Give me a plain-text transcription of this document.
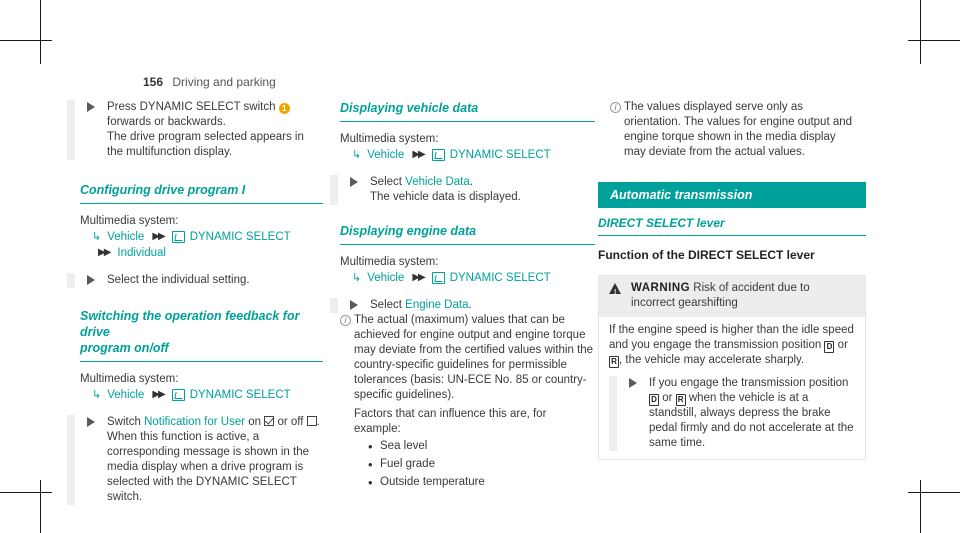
156 Driving and parking

Press DYNAMIC SELECT switch 1 forwards or backwards.

The drive program selected appears in the multifunction display.

Configuring drive program I
Multimedia system:
↳ Vehicle ▶▶ DYNAMIC SELECT
▶▶ Individual

Select the individual setting.

Switching the operation feedback for drive
program on/off
Multimedia system:
↳ Vehicle ▶▶ DYNAMIC SELECT

Switch Notification for User on or off .

When this function is active, a corresponding message is shown in the media display when a drive program is selected with the DYNAMIC SELECT switch.

Displaying vehicle data
Multimedia system:
↳ Vehicle ▶▶ DYNAMIC SELECT

Select Vehicle Data.

The vehicle data is displayed.

Displaying engine data
Multimedia system:
↳ Vehicle ▶▶ DYNAMIC SELECT

Select Engine Data.

i The actual (maximum) values that can be achieved for engine output and engine torque may deviate from the certified values within the country-specific guidelines for permissible tolerances (basis: UN-ECE No. 85 or country-specific guidelines).

Factors that can influence this are, for example:

• Sea level
• Fuel grade
• Outside temperature
i The values displayed serve only as orientation. The values for engine output and engine torque shown in the media display may deviate from the actual values.

Automatic transmission
DIRECT SELECT lever
Function of the DIRECT SELECT lever
!
WARNING Risk of accident due to incorrect gearshifting

If the engine speed is higher than the idle speed and you engage the transmission position D or R , the vehicle may accelerate sharply.

If you engage the transmission position
D or R when the vehicle is at a standstill, always depress the brake pedal firmly and do not accelerate at the same time.
